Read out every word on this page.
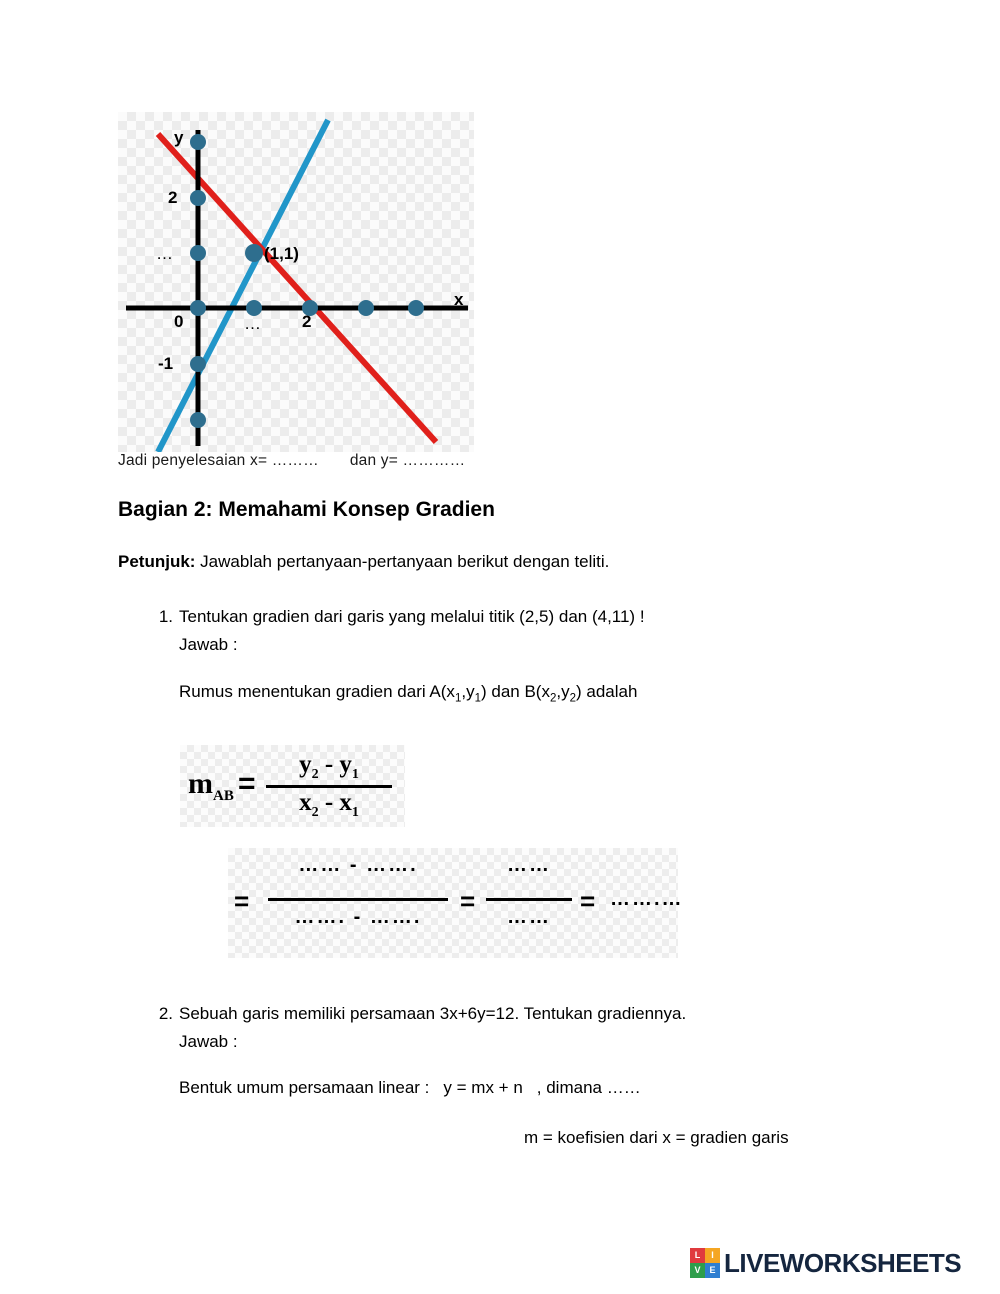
y
x
2
…
0
-1
… 2
(1,1)
Jadi penyelesaian x= ……… dan y= …………
Bagian 2: Memahami Konsep Gradien
Petunjuk: Jawablah pertanyaan-pertanyaan berikut dengan teliti.
1. Tentukan gradien dari garis yang melalui titik (2,5) dan (4,11) !
Jawab :
Rumus menentukan gradien dari $A(x_1,y_1)$ dan $B(x_2,y_2)$ adalah
$m_{AB}$ =
$y_2 - y_1$
$x_2 - x_1$
=
…… - …….
……. - …….
=
……
……
= …….…
2. Sebuah garis memiliki persamaan 3x+6y=12. Tentukan gradiennya.
Jawab :
Bentuk umum persamaan linear : y = mx + n , dimana ……
m = koefisien dari x = gradien garis
L	I
V E LIVEWORKSHEETS
